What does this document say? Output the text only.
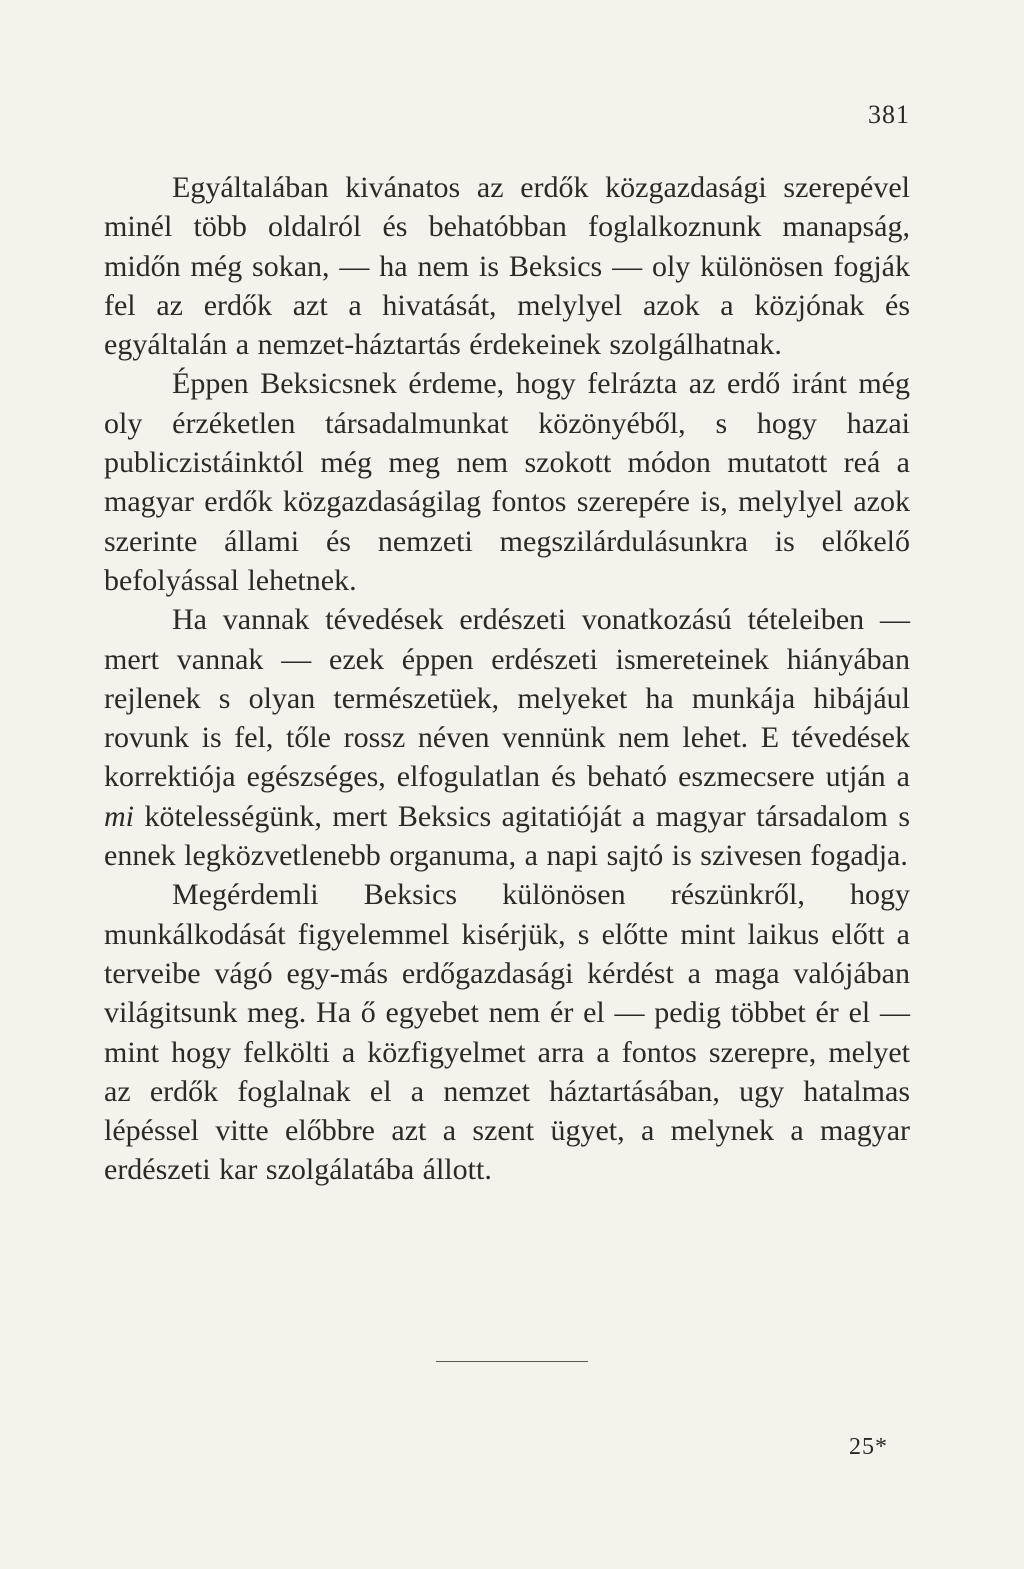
381

Egyáltalában kivánatos az erdők közgazdasági szerepével minél több oldalról és behatóbban foglalkoznunk manapság, midőn még sokan, — ha nem is Beksics — oly különösen fogják fel az erdők azt a hivatását, melylyel azok a közjónak és egyáltalán a nemzet-háztartás érdekeinek szolgálhatnak.

Éppen Beksicsnek érdeme, hogy felrázta az erdő iránt még oly érzéketlen társadalmunkat közönyéből, s hogy hazai publiczistáinktól még meg nem szokott módon mutatott reá a magyar erdők közgazdaságilag fontos szerepére is, melylyel azok szerinte állami és nemzeti megszilárdulásunkra is előkelő befolyással lehetnek.

Ha vannak tévedések erdészeti vonatkozású tételeiben — mert vannak — ezek éppen erdészeti ismereteinek hiányában rejlenek s olyan természetüek, melyeket ha munkája hibájául rovunk is fel, tőle rossz néven vennünk nem lehet. E tévedések korrektiója egészséges, elfogulatlan és beható eszmecsere utján a mi kötelességünk, mert Beksics agitatióját a magyar társadalom s ennek legközvetlenebb organuma, a napi sajtó is szivesen fogadja.

Megérdemli Beksics különösen részünkről, hogy munkálkodását figyelemmel kisérjük, s előtte mint laikus előtt a terveibe vágó egy-más erdőgazdasági kérdést a maga valójában világitsunk meg. Ha ő egyebet nem ér el — pedig többet ér el — mint hogy felkölti a közfigyelmet arra a fontos szerepre, melyet az erdők foglalnak el a nemzet háztartásában, ugy hatalmas lépéssel vitte előbbre azt a szent ügyet, a melynek a magyar erdészeti kar szolgálatába állott.

25*
